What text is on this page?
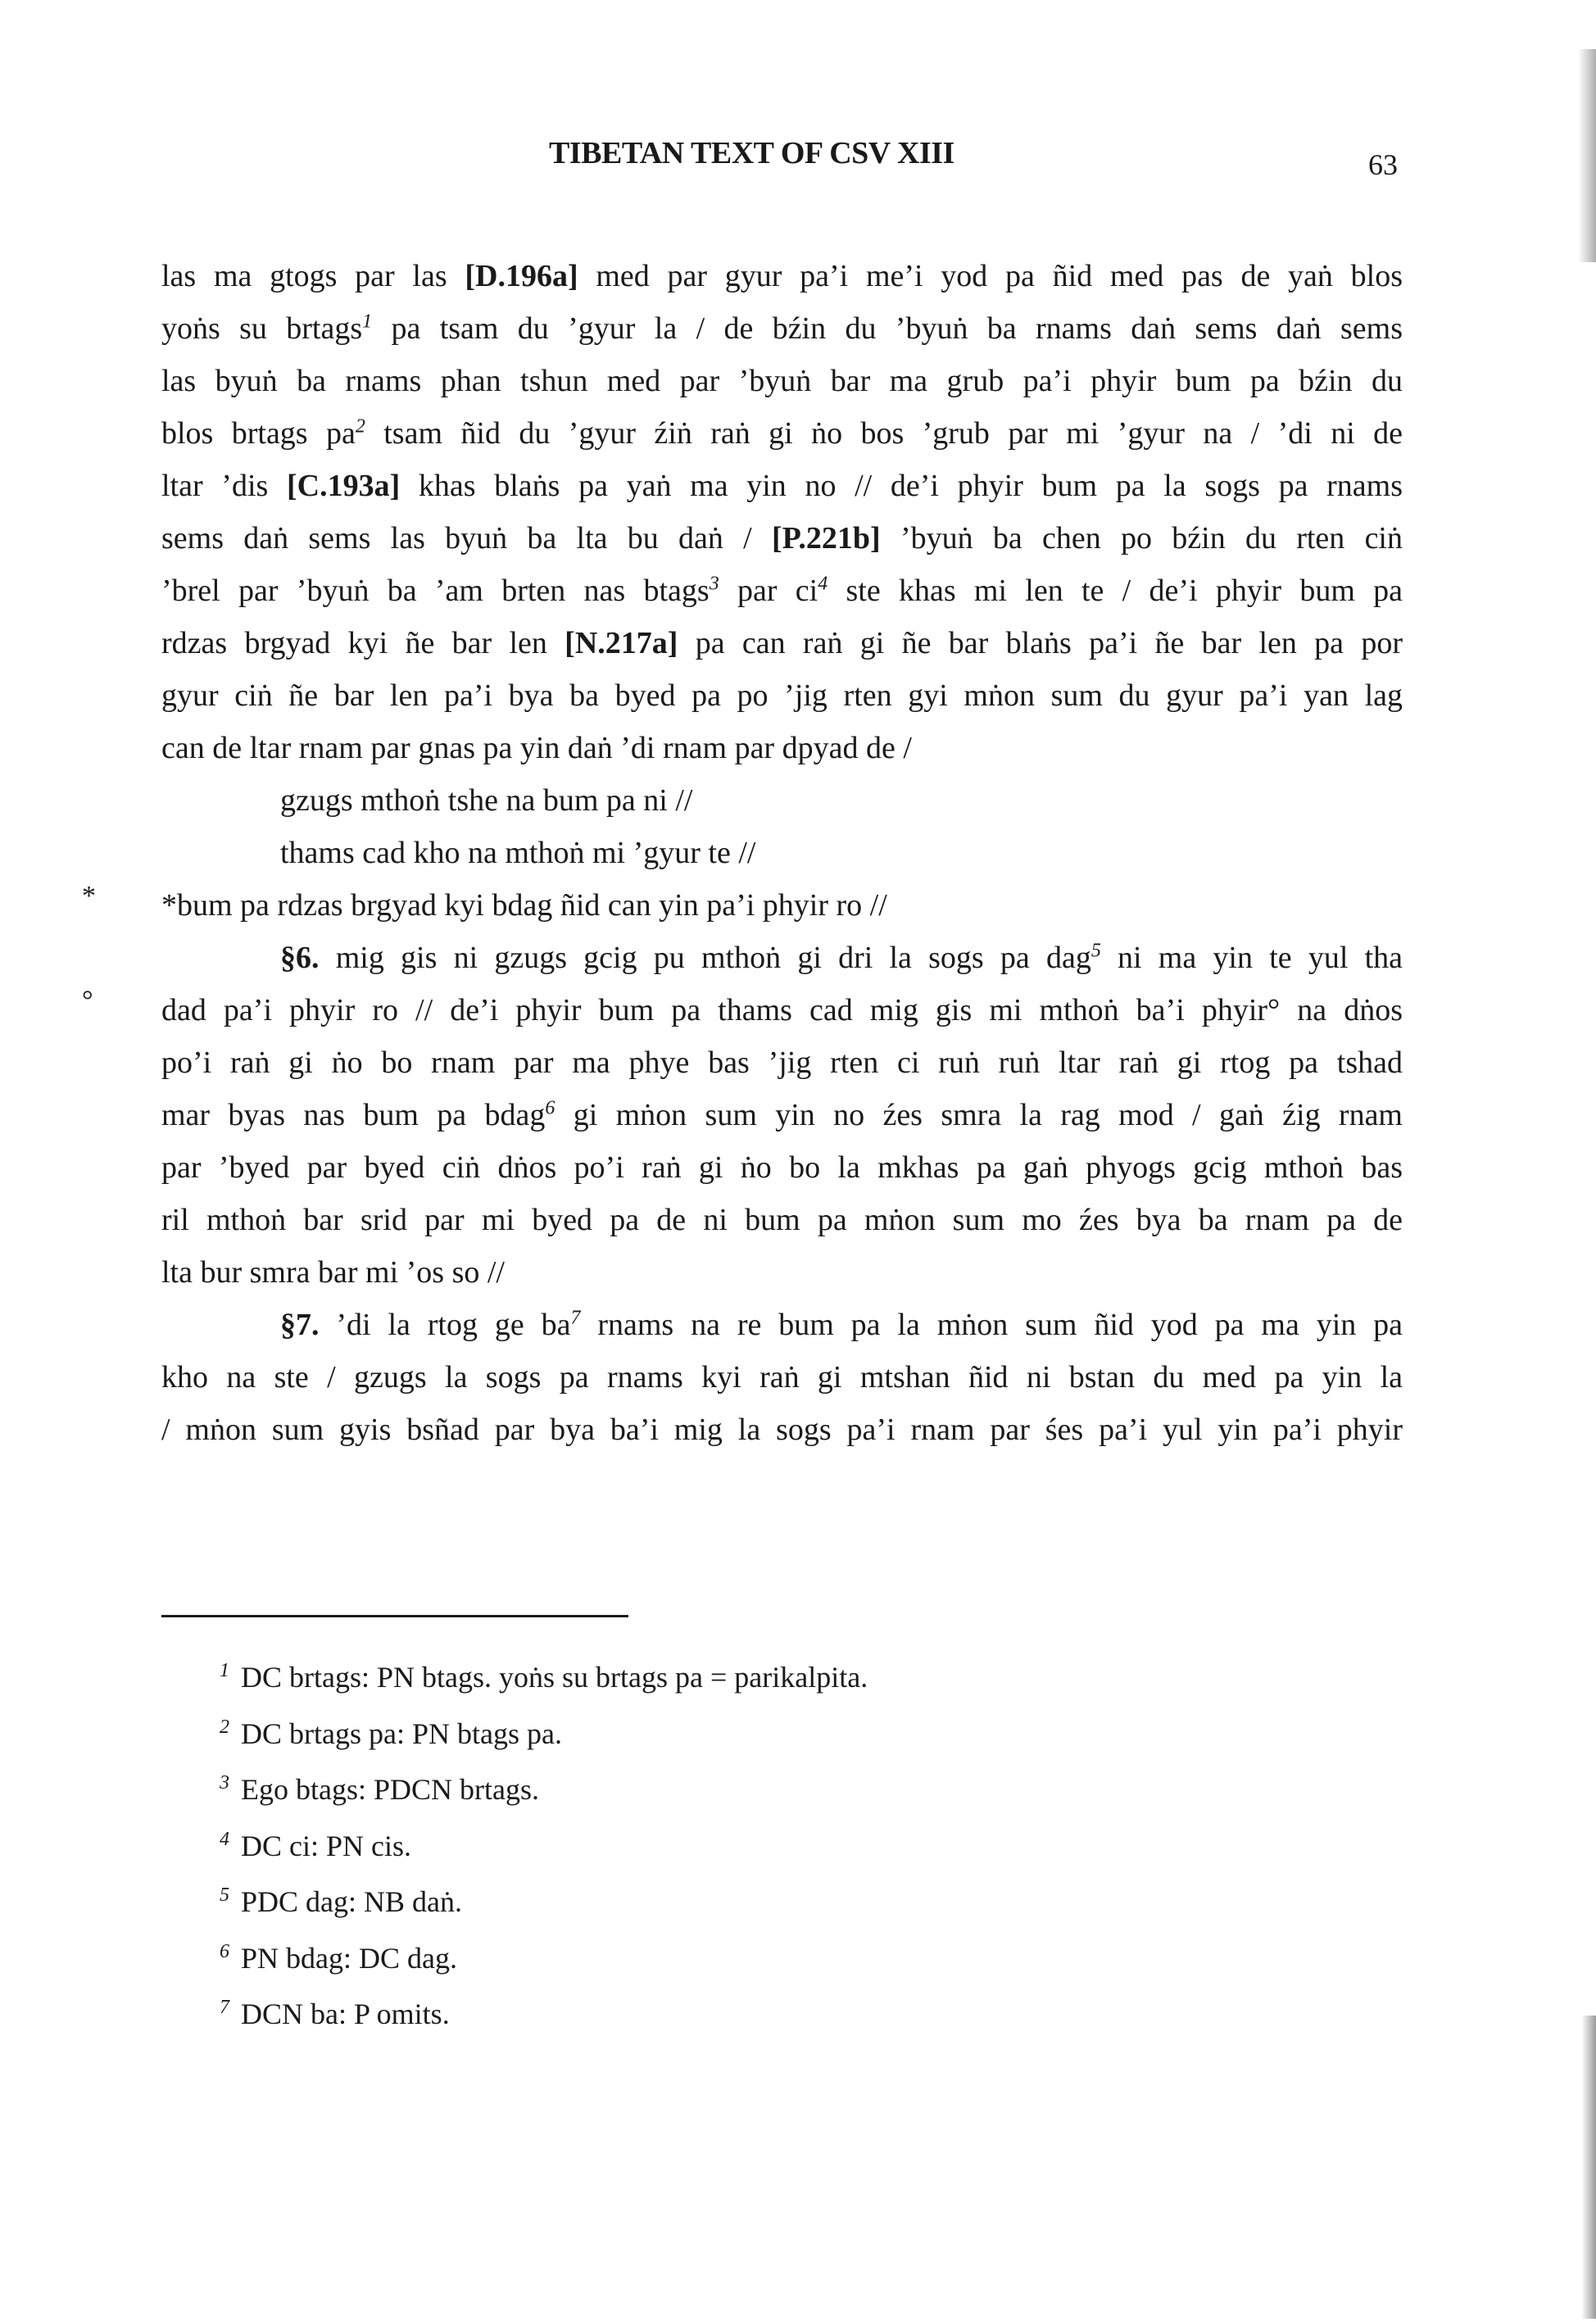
TIBETAN TEXT OF CSV XIII	63
las ma gtogs par las [D.196a] med par gyur pa’i me’i yod pa ñid med pas de yaṅ blos
yoṅs su brtags$^1$ pa tsam du ’gyur la / de bźin du ’byuṅ ba rnams daṅ sems daṅ sems
las byuṅ ba rnams phan tshun med par ’byuṅ bar ma grub pa’i phyir bum pa bźin du
blos brtags $pa^2$ tsam ñid du ’gyur źiṅ raṅ gi ṅo bos ’grub par mi ’gyur na / ’di ni de
ltar ’dis [C.193a] khas blaṅs pa yaṅ ma yin no // de’i phyir bum pa la sogs pa rnams
sems daṅ sems las byuṅ ba lta bu daṅ / [P.221b] ’byuṅ ba chen po bźin du rten ciṅ
’brel par ’byuṅ ba ’am brten nas btags$^3$ par $ci^4$ ste khas mi len te / de’i phyir bum pa
rdzas brgyad kyi ñe bar len [N.217a] pa can raṅ gi ñe bar blaṅs pa’i ñe bar len pa por
gyur ciṅ ñe bar len pa’i bya ba byed pa po ’jig rten gyi mṅon sum du gyur pa’i yan lag
can de ltar rnam par gnas pa yin daṅ ’di rnam par dpyad de /
gzugs mthoṅ tshe na bum pa ni //
thams cad kho na mthoṅ mi ’gyur te //
*bum pa rdzas brgyad kyi bdag ñid can yin pa’i phyir ro //
§6. mig gis ni gzugs gcig pu mthoṅ gi dri la sogs pa dag$^5$ ni ma yin te yul tha
dad pa’i phyir ro // de’i phyir bum pa thams cad mig gis mi mthoṅ ba’i phyir° na dṅos
po’i raṅ gi ṅo bo rnam par ma phye bas ’jig rten ci ruṅ ruṅ ltar raṅ gi rtog pa tshad
mar byas nas bum pa bdag$^6$ gi mṅon sum yin no źes smra la rag mod / gaṅ źig rnam
par ’byed par byed ciṅ dṅos po’i raṅ gi ṅo bo la mkhas pa gaṅ phyogs gcig mthoṅ bas
ril mthoṅ bar srid par mi byed pa de ni bum pa mṅon sum mo źes bya ba rnam pa de
lta bur smra bar mi ’os so //
§7. ’di la rtog ge $ba^7$ rnams na re bum pa la mṅon sum ñid yod pa ma yin pa
kho na ste / gzugs la sogs pa rnams kyi raṅ gi mtshan ñid ni bstan du med pa yin la
/ mṅon sum gyis bsñad par bya ba’i mig la sogs pa’i rnam par śes pa’i yul yin pa’i phyir
*
°
$^1$ DC brtags: PN btags. yoṅs su brtags pa = parikalpita.
$^2$ DC brtags pa: PN btags pa.
$^3$ Ego btags: PDCN brtags.
$^4$ DC ci: PN cis.
$^5$ PDC dag: NB daṅ.
$^6$ PN bdag: DC dag.
$^7$ DCN ba: P omits.
